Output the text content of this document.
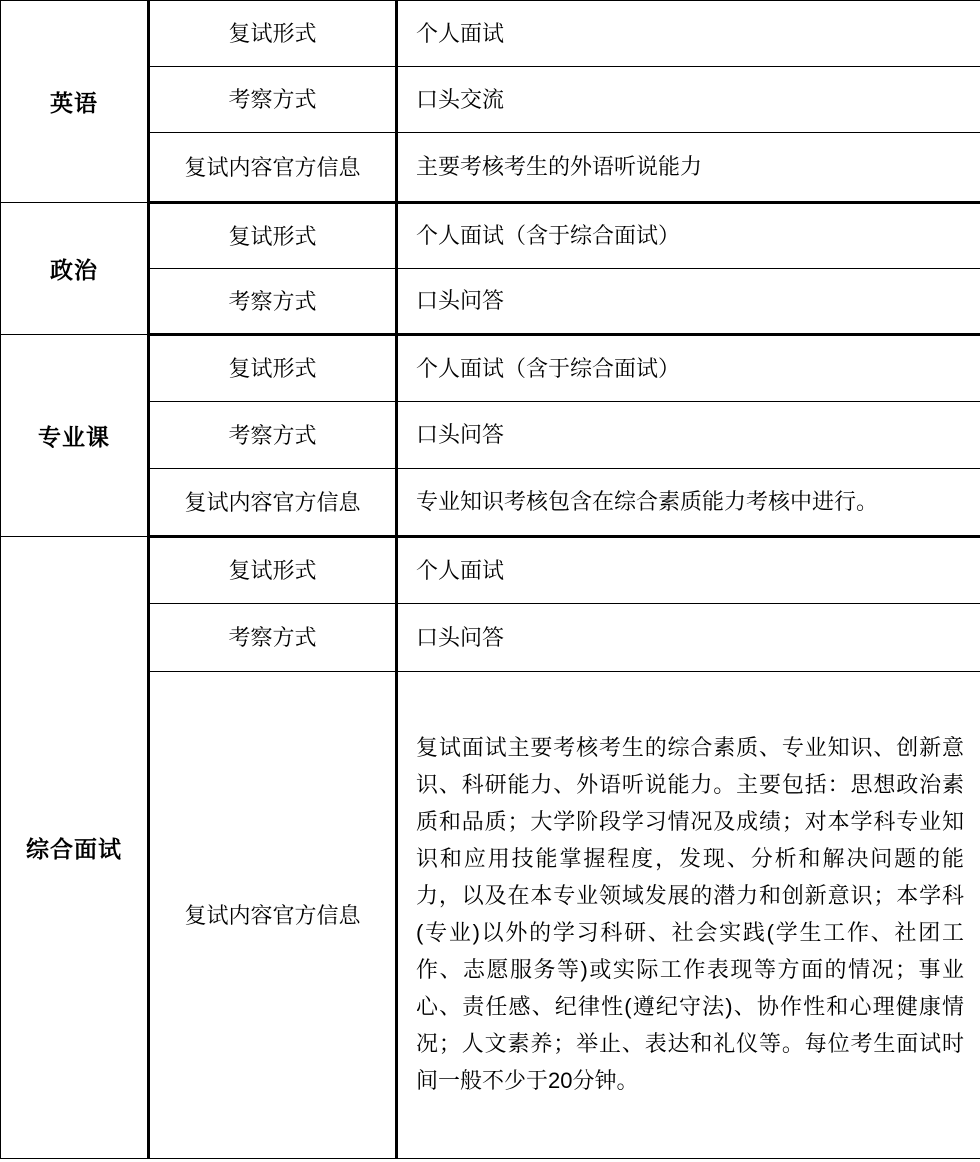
英语	复试形式	个人面试
	考察方式	口头交流
	复试内容官方信息	主要考核考生的外语听说能力
政治	复试形式	个人面试（含于综合面试）
	考察方式	口头问答
专业课	复试形式	个人面试（含于综合面试）
	考察方式	口头问答
	复试内容官方信息	专业知识考核包含在综合素质能力考核中进行。
综合面试	复试形式	个人面试
	考察方式	口头问答
	复试内容官方信息	复试面试主要考核考生的综合素质、专业知识、创新意识、科研能力、外语听说能力。主要包括：思想政治素质和品质；大学阶段学习情况及成绩；对本学科专业知识和应用技能掌握程度，发现、分析和解决问题的能力，以及在本专业领域发展的潜力和创新意识；本学科(专业)以外的学习科研、社会实践(学生工作、社团工作、志愿服务等)或实际工作表现等方面的情况；事业心、责任感、纪律性(遵纪守法)、协作性和心理健康情况；人文素养；举止、表达和礼仪等。每位考生面试时间一般不少于20分钟。
